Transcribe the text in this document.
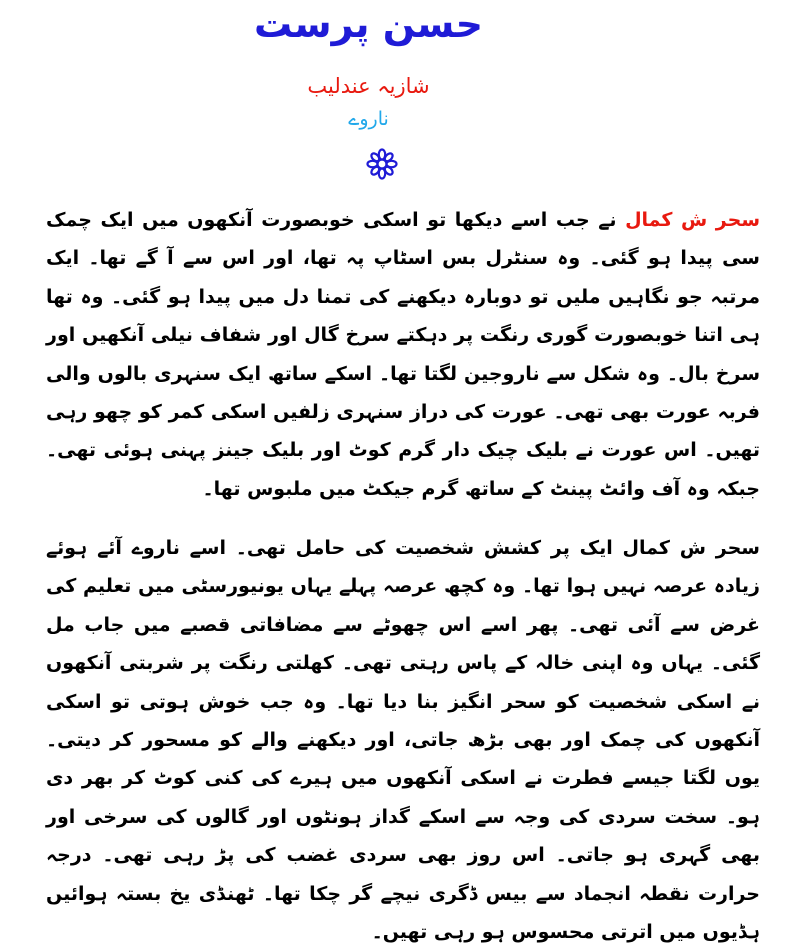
حسن پرست
شازیہ عندلیب
ناروے

سحر ش کمال نے جب اسے دیکھا تو اسکی خوبصورت آنکھوں میں ایک چمک سی پیدا ہو گئی۔ وہ سنٹرل بس اسٹاپ پہ تھا، اور اس سے آ گے تھا۔ ایک مرتبہ جو نگاہیں ملیں تو دوبارہ دیکھنے کی تمنا دل میں پیدا ہو گئی۔ وہ تھا ہی اتنا خوبصورت گوری رنگت پر دہکتے سرخ گال اور شفاف نیلی آنکھیں اور سرخ بال۔ وہ شکل سے ناروجین لگتا تھا۔ اسکے ساتھ ایک سنہری بالوں والی فربہ عورت بھی تھی۔ عورت کی دراز سنہری زلفیں اسکی کمر کو چھو رہی تھیں۔ اس عورت نے بلیک چیک دار گرم کوٹ اور بلیک جینز پہنی ہوئی تھی۔ جبکہ وہ آف وائٹ پینٹ کے ساتھ گرم جیکٹ میں ملبوس تھا۔

سحر ش کمال ایک پر کشش شخصیت کی حامل تھی۔ اسے ناروے آئے ہوئے زیادہ عرصہ نہیں ہوا تھا۔ وہ کچھ عرصہ پہلے یہاں یونیورسٹی میں تعلیم کی غرض سے آئی تھی۔ پھر اسے اس چھوٹے سے مضافاتی قصبے میں جاب مل گئی۔ یہاں وہ اپنی خالہ کے پاس رہتی تھی۔ کھلتی رنگت پر شربتی آنکھوں نے اسکی شخصیت کو سحر انگیز بنا دیا تھا۔ وہ جب خوش ہوتی تو اسکی آنکھوں کی چمک اور بھی بڑھ جاتی، اور دیکھنے والے کو مسحور کر دیتی۔ یوں لگتا جیسے فطرت نے اسکی آنکھوں میں ہیرے کی کنی کوٹ کر بھر دی ہو۔ سخت سردی کی وجہ سے اسکے گداز ہونٹوں اور گالوں کی سرخی اور بھی گہری ہو جاتی۔ اس روز بھی سردی غضب کی پڑ رہی تھی۔ درجہ حرارت نقطہ انجماد سے بیس ڈگری نیچے گر چکا تھا۔ ٹھنڈی یخ بستہ ہوائیں ہڈیوں میں اترتی محسوس ہو رہی تھیں۔
